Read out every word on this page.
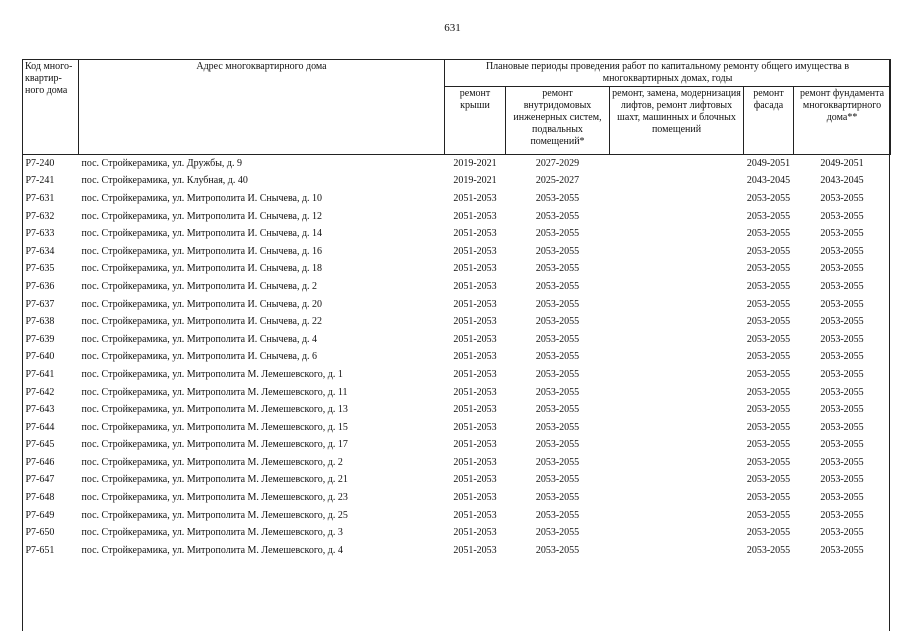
631
Код много-квартир-ного дома	Адрес многоквартирного дома	Плановые периоды проведения работ по капитальному ремонту общего имущества в многоквартирных домах, годы				
		ремонт крыши	ремонт внутридомовых инженерных систем, подвальных помещений*	ремонт, замена, модернизация лифтов, ремонт лифтовых шахт, машинных и блочных помещений	ремонт фасада	ремонт фундамента многоквартирного дома**
Р7-240	пос. Стройкерамика, ул. Дружбы, д. 9	2019-2021	2027-2029		2049-2051	2049-2051
Р7-241	пос. Стройкерамика, ул. Клубная, д. 40	2019-2021	2025-2027		2043-2045	2043-2045
Р7-631	пос. Стройкерамика, ул. Митрополита И. Снычева, д. 10	2051-2053	2053-2055		2053-2055	2053-2055
Р7-632	пос. Стройкерамика, ул. Митрополита И. Снычева, д. 12	2051-2053	2053-2055		2053-2055	2053-2055
Р7-633	пос. Стройкерамика, ул. Митрополита И. Снычева, д. 14	2051-2053	2053-2055		2053-2055	2053-2055
Р7-634	пос. Стройкерамика, ул. Митрополита И. Снычева, д. 16	2051-2053	2053-2055		2053-2055	2053-2055
Р7-635	пос. Стройкерамика, ул. Митрополита И. Снычева, д. 18	2051-2053	2053-2055		2053-2055	2053-2055
Р7-636	пос. Стройкерамика, ул. Митрополита И. Снычева, д. 2	2051-2053	2053-2055		2053-2055	2053-2055
Р7-637	пос. Стройкерамика, ул. Митрополита И. Снычева, д. 20	2051-2053	2053-2055		2053-2055	2053-2055
Р7-638	пос. Стройкерамика, ул. Митрополита И. Снычева, д. 22	2051-2053	2053-2055		2053-2055	2053-2055
Р7-639	пос. Стройкерамика, ул. Митрополита И. Снычева, д. 4	2051-2053	2053-2055		2053-2055	2053-2055
Р7-640	пос. Стройкерамика, ул. Митрополита И. Снычева, д. 6	2051-2053	2053-2055		2053-2055	2053-2055
Р7-641	пос. Стройкерамика, ул. Митрополита М. Лемешевского, д. 1	2051-2053	2053-2055		2053-2055	2053-2055
Р7-642	пос. Стройкерамика, ул. Митрополита М. Лемешевского, д. 11	2051-2053	2053-2055		2053-2055	2053-2055
Р7-643	пос. Стройкерамика, ул. Митрополита М. Лемешевского, д. 13	2051-2053	2053-2055		2053-2055	2053-2055
Р7-644	пос. Стройкерамика, ул. Митрополита М. Лемешевского, д. 15	2051-2053	2053-2055		2053-2055	2053-2055
Р7-645	пос. Стройкерамика, ул. Митрополита М. Лемешевского, д. 17	2051-2053	2053-2055		2053-2055	2053-2055
Р7-646	пос. Стройкерамика, ул. Митрополита М. Лемешевского, д. 2	2051-2053	2053-2055		2053-2055	2053-2055
Р7-647	пос. Стройкерамика, ул. Митрополита М. Лемешевского, д. 21	2051-2053	2053-2055		2053-2055	2053-2055
Р7-648	пос. Стройкерамика, ул. Митрополита М. Лемешевского, д. 23	2051-2053	2053-2055		2053-2055	2053-2055
Р7-649	пос. Стройкерамика, ул. Митрополита М. Лемешевского, д. 25	2051-2053	2053-2055		2053-2055	2053-2055
Р7-650	пос. Стройкерамика, ул. Митрополита М. Лемешевского, д. 3	2051-2053	2053-2055		2053-2055	2053-2055
Р7-651	пос. Стройкерамика, ул. Митрополита М. Лемешевского, д. 4	2051-2053	2053-2055		2053-2055	2053-2055
